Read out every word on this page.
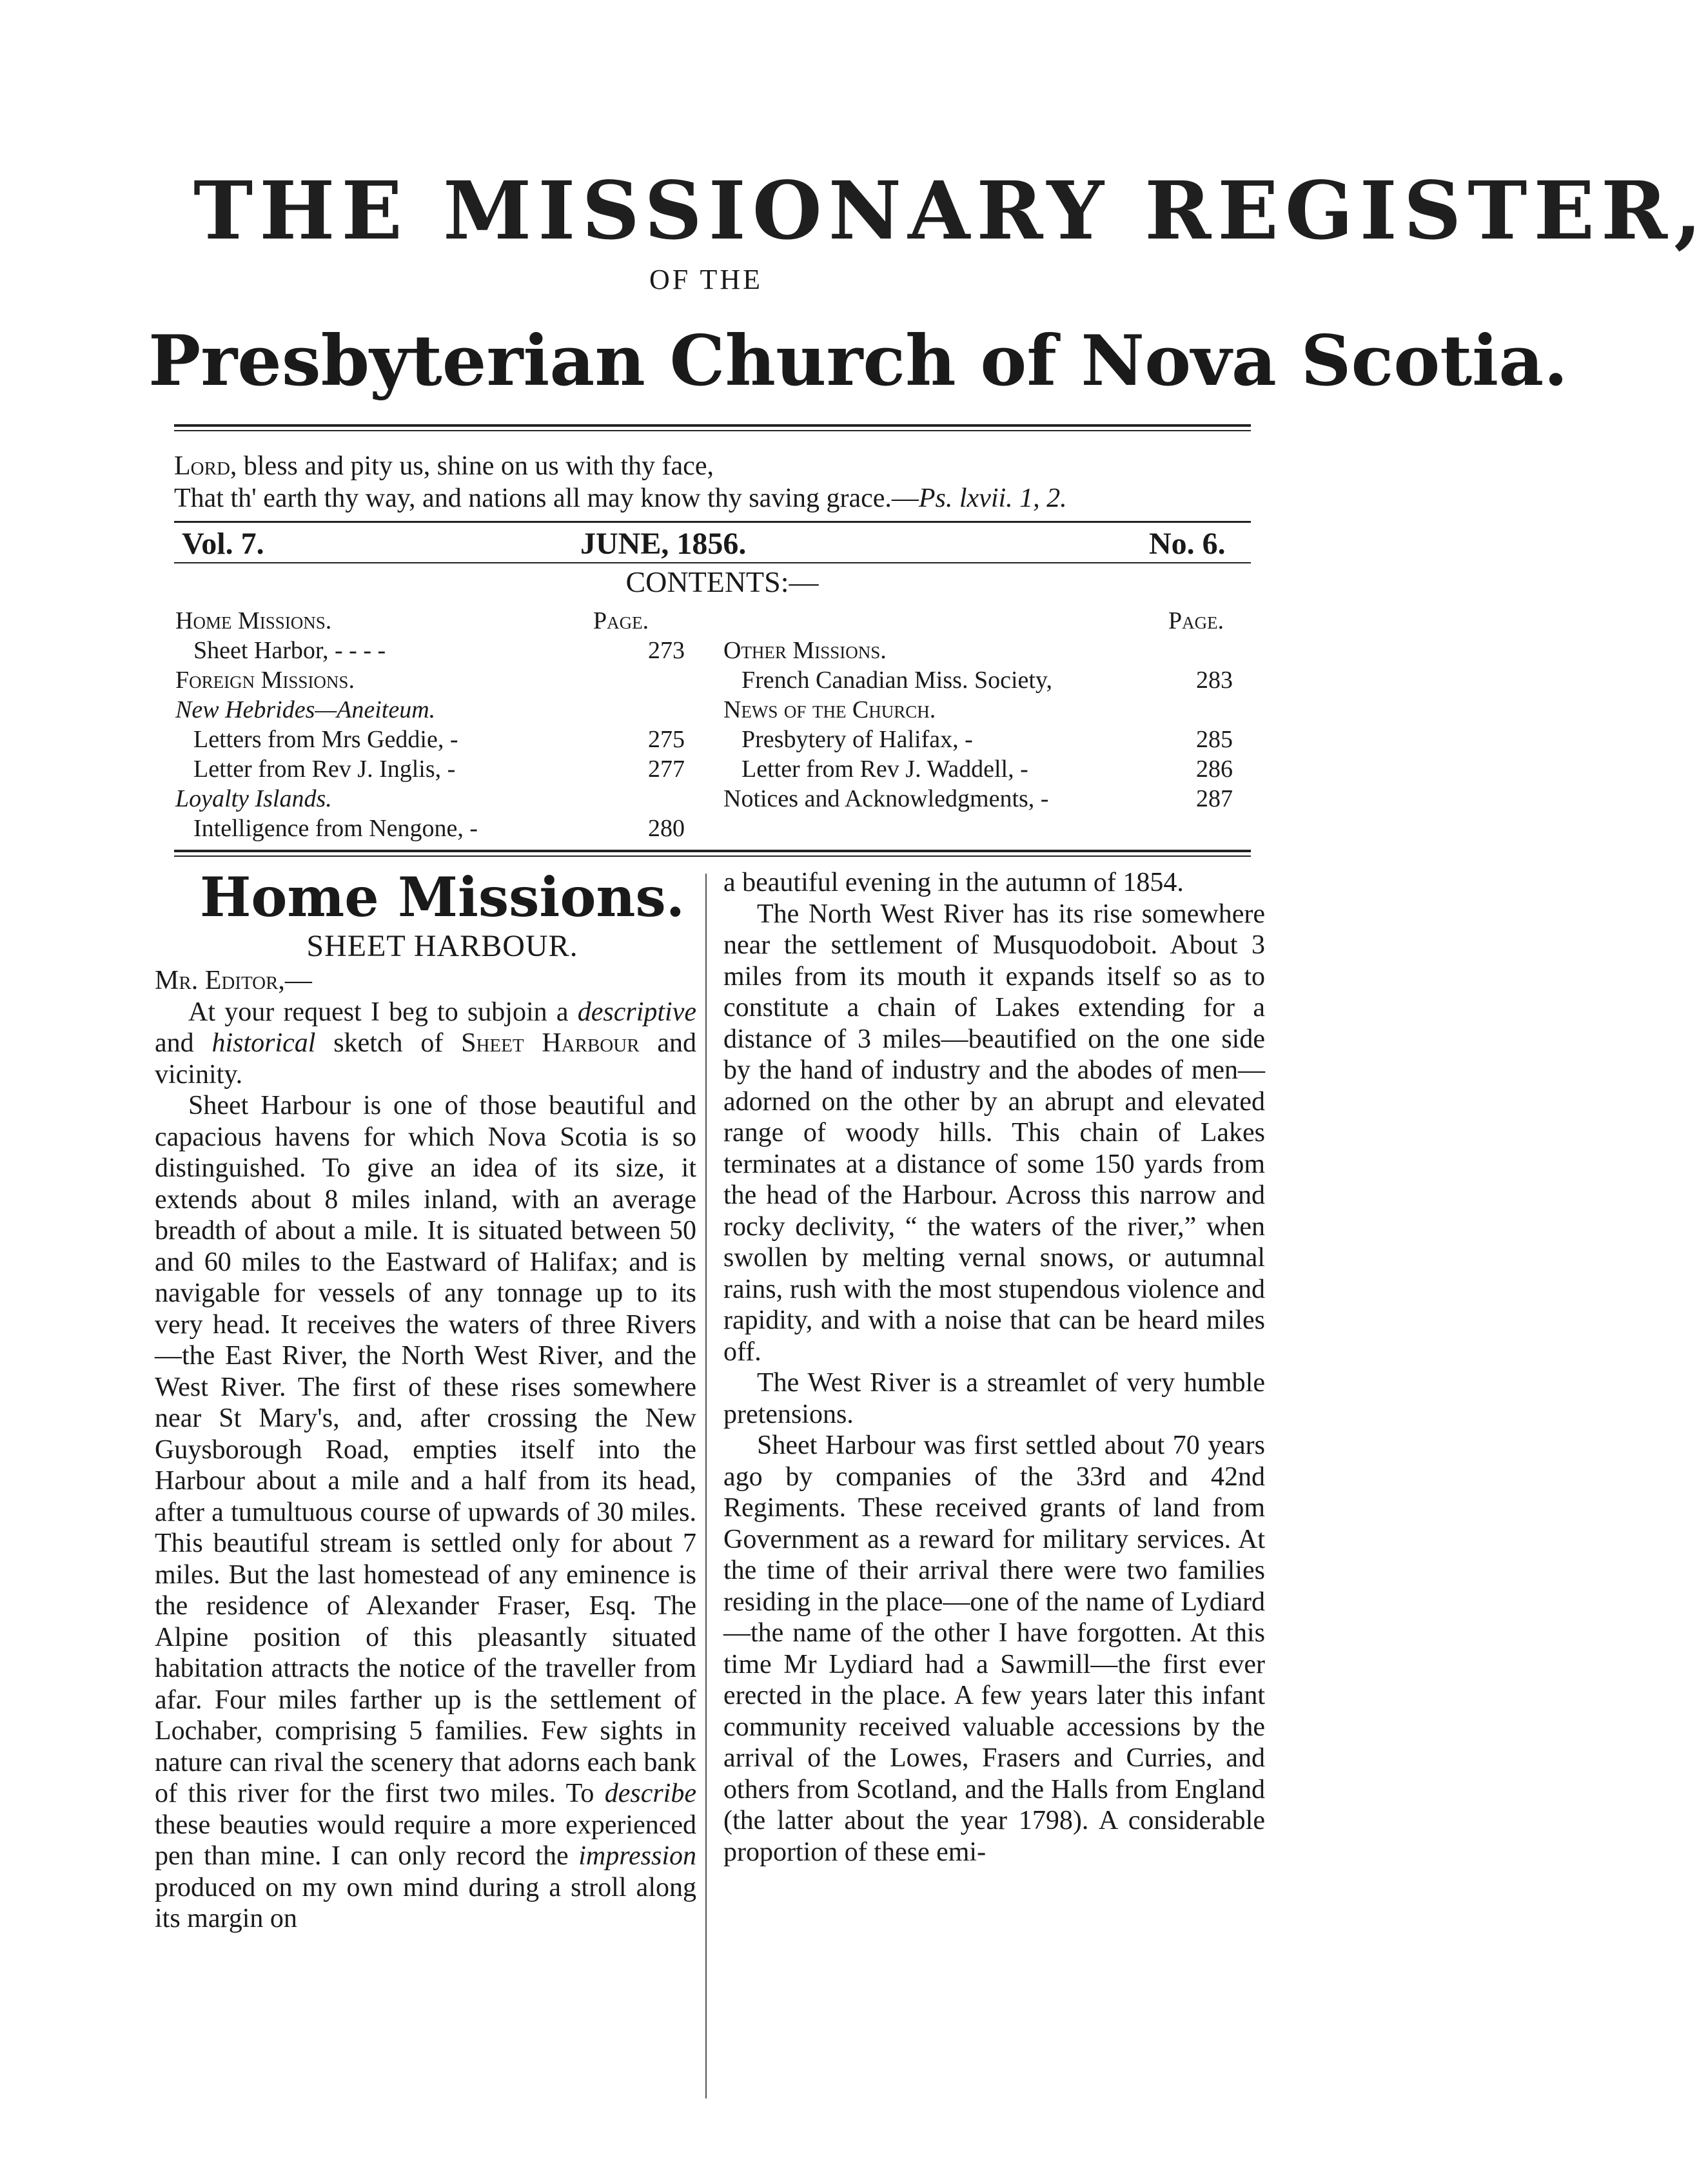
THE MISSIONARY REGISTER,
OF THE
Presbyterian Church of Nova Scotia.
Lord, bless and pity us, shine on us with thy face,
That th' earth thy way, and nations all may know thy saving grace.—Ps. lxvii. 1, 2.
Vol. 7.	JUNE, 1856.	No. 6.
CONTENTS:—
Page.
Home Missions.
Sheet Harbor, - - - -	273
Foreign Missions.
New Hebrides—Aneiteum.
Letters from Mrs Geddie, -	275
Letter from Rev J. Inglis, -	277
Loyalty Islands.
Intelligence from Nengone, -	280
Page.
Other Missions.
French Canadian Miss. Society,	283
News of the Church.
Presbytery of Halifax, -	285
Letter from Rev J. Waddell, -	286
Notices and Acknowledgments, -	287

Home Missions.

SHEET HARBOUR.

Mr. Editor,—

At your request I beg to subjoin a descriptive and historical sketch of Sheet Harbour and vicinity.

Sheet Harbour is one of those beautiful and capacious havens for which Nova Scotia is so distinguished. To give an idea of its size, it extends about 8 miles inland, with an average breadth of about a mile. It is situated between 50 and 60 miles to the Eastward of Halifax; and is navigable for vessels of any tonnage up to its very head. It receives the waters of three Rivers—the East River, the North West River, and the West River. The first of these rises somewhere near St Mary's, and, after crossing the New Guysborough Road, empties itself into the Harbour about a mile and a half from its head, after a tumultuous course of upwards of 30 miles. This beautiful stream is settled only for about 7 miles. But the last homestead of any eminence is the residence of Alexander Fraser, Esq. The Alpine position of this pleasantly situated habitation attracts the notice of the traveller from afar. Four miles farther up is the settlement of Lochaber, comprising 5 families. Few sights in nature can rival the scenery that adorns each bank of this river for the first two miles. To describe these beauties would require a more experienced pen than mine. I can only record the impression produced on my own mind during a stroll along its margin on

a beautiful evening in the autumn of 1854.

The North West River has its rise somewhere near the settlement of Musquodoboit. About 3 miles from its mouth it expands itself so as to constitute a chain of Lakes extending for a distance of 3 miles—beautified on the one side by the hand of industry and the abodes of men—adorned on the other by an abrupt and elevated range of woody hills. This chain of Lakes terminates at a distance of some 150 yards from the head of the Harbour. Across this narrow and rocky declivity, “ the waters of the river,” when swollen by melting vernal snows, or autumnal rains, rush with the most stupendous violence and rapidity, and with a noise that can be heard miles off.

The West River is a streamlet of very humble pretensions.

Sheet Harbour was first settled about 70 years ago by companies of the 33rd and 42nd Regiments. These received grants of land from Government as a reward for military services. At the time of their arrival there were two families residing in the place—one of the name of Lydiard—the name of the other I have forgotten. At this time Mr Lydiard had a Sawmill—the first ever erected in the place. A few years later this infant community received valuable accessions by the arrival of the Lowes, Frasers and Curries, and others from Scotland, and the Halls from England (the latter about the year 1798). A considerable proportion of these emi-
